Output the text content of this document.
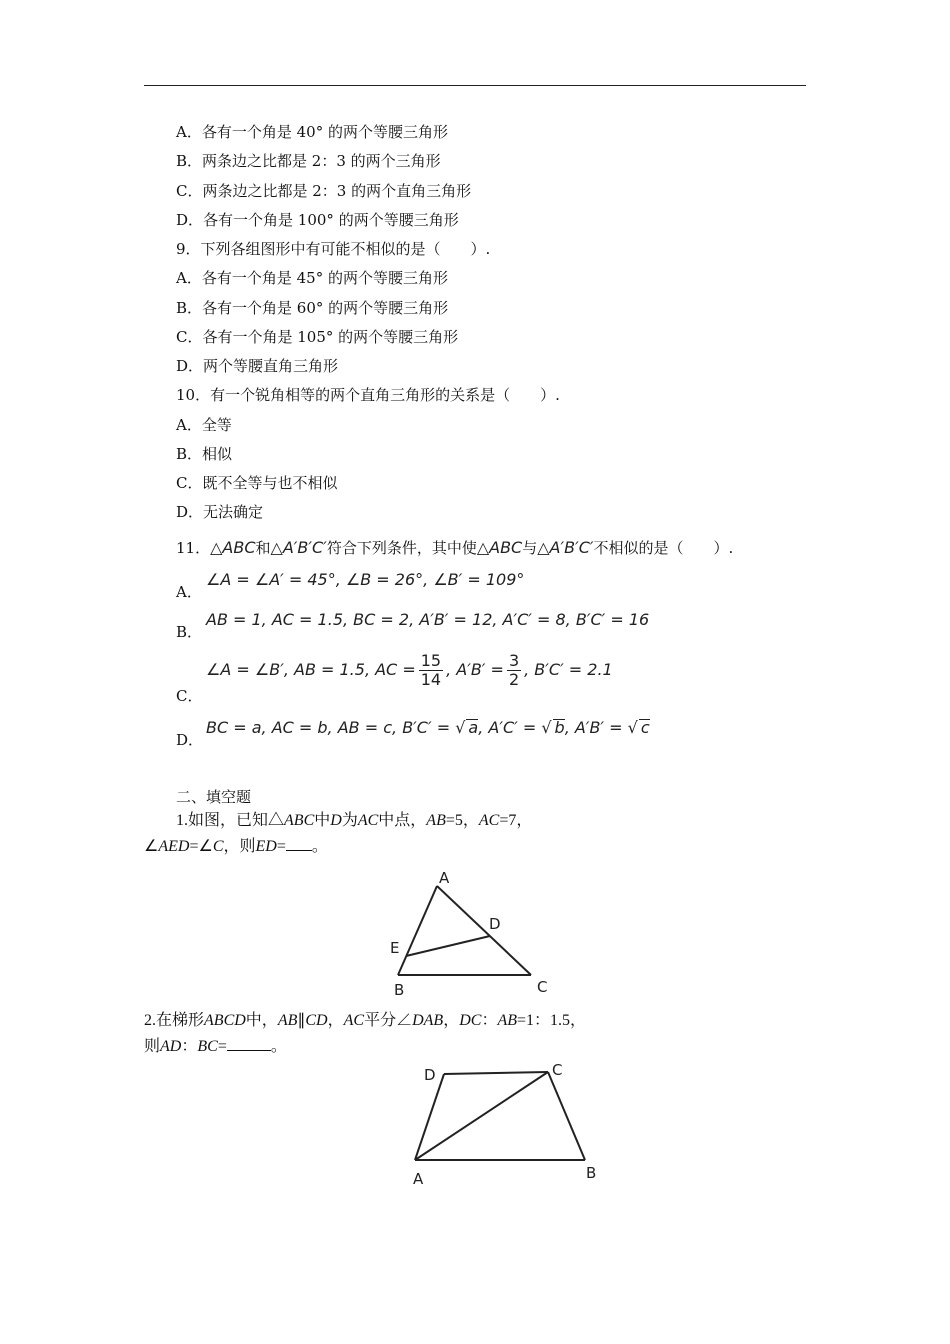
A．各有一个角是 40° 的两个等腰三角形
B．两条边之比都是 2：3 的两个三角形
C．两条边之比都是 2：3 的两个直角三角形
D．各有一个角是 100° 的两个等腰三角形
9．下列各组图形中有可能不相似的是（　　）.
A．各有一个角是 45° 的两个等腰三角形
B．各有一个角是 60° 的两个等腰三角形
C．各有一个角是 105° 的两个等腰三角形
D．两个等腰直角三角形
10．有一个锐角相等的两个直角三角形的关系是（　　）.
A．全等
B．相似
C．既不全等与也不相似
D．无法确定
11．△ABC和△A′B′C′符合下列条件，其中使△ABC与△A′B′C′不相似的是（　　）.
A．
∠A = ∠A′ = 45°, ∠B = 26°, ∠B′ = 109°
B．
AB = 1, AC = 1.5, BC = 2, A′B′ = 12, A′C′ = 8, B′C′ = 16
C．
∠A = ∠B′, AB = 1.5, AC = $\frac{15}{14}$ , $A'B' = \frac{3}{2}$ , B′C′ = 2.1
D．
BC = a, AC = b, AB = c, B′C′ = √ a, A′C′ = √ b, A′B′ = √ c
二、填空题
1.如图，已知△ABC中D为AC中点，AB=5，AC=7，
∠AED=∠C，则ED= 。
A
D
E
B	C
2.在梯形ABCD中，AB∥CD，AC平分∠DAB，DC：AB=1：1.5，
则AD：BC=	。
D	C
A	B
